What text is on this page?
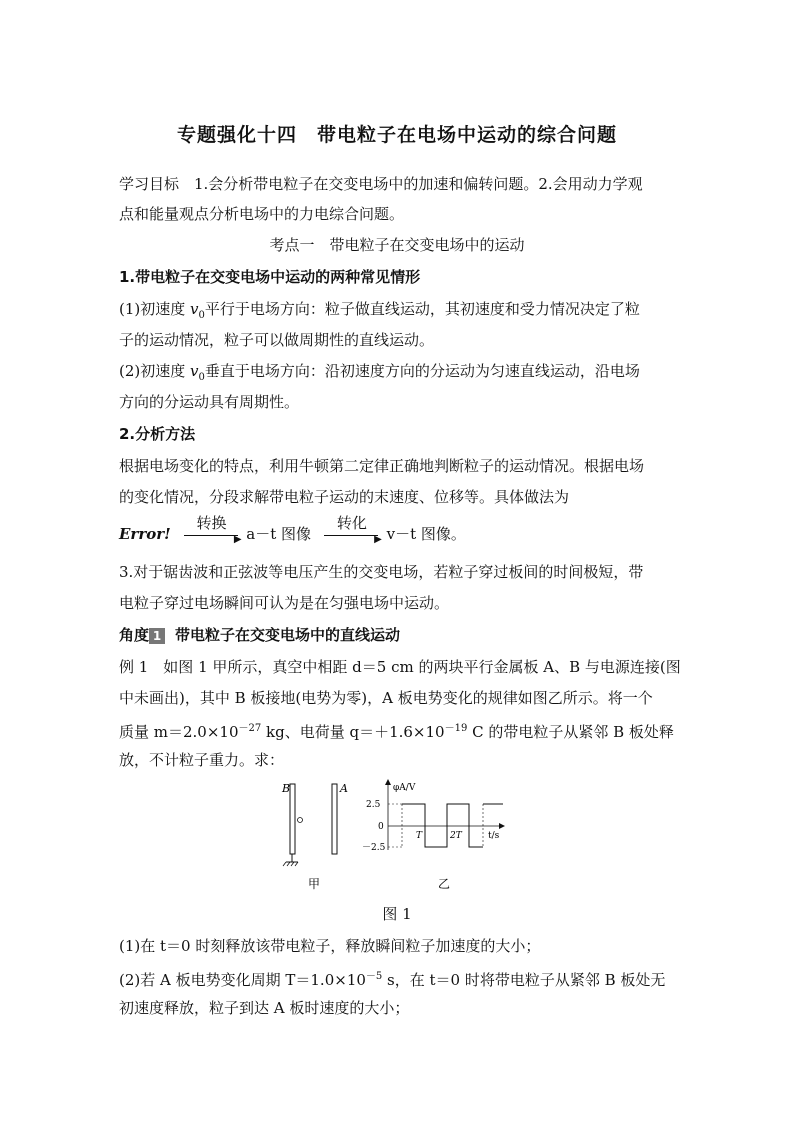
专题强化十四　带电粒子在电场中运动的综合问题
学习目标　1.会分析带电粒子在交变电场中的加速和偏转问题。2.会用动力学观
点和能量观点分析电场中的力电综合问题。
考点一　带电粒子在交变电场中的运动
1.带电粒子在交变电场中运动的两种常见情形
(1)初速度 $v_0$平行于电场方向：粒子做直线运动，其初速度和受力情况决定了粒
子的运动情况，粒子可以做周期性的直线运动。
(2)初速度 $v_0$垂直于电场方向：沿初速度方向的分运动为匀速直线运动，沿电场
方向的分运动具有周期性。
2.分析方法
根据电场变化的特点，利用牛顿第二定律正确地判断粒子的运动情况。根据电场
的变化情况，分段求解带电粒子运动的末速度、位移等。具体做法为
Error!
转换
▶ a－t 图像
转化
▶ v－t 图像。
3.对于锯齿波和正弦波等电压产生的交变电场，若粒子穿过板间的时间极短，带
电粒子穿过电场瞬间可认为是在匀强电场中运动。
角度 1 带电粒子在交变电场中的直线运动
例 1　如图 1 甲所示，真空中相距 d＝5 cm 的两块平行金属板 A、B 与电源连接(图
中未画出)，其中 B 板接地(电势为零)，A 板电势变化的规律如图乙所示。将一个
质量 $m=2.0\times 10^{-27}$ kg、电荷量 $q=+1.6\times 10^{-19}$ C 的带电粒子从紧邻 B 板处释
放，不计粒子重力。求：
B	A	φA/V
t/s
2.5
0
－2.5
T	2T
甲	乙
图 1
(1)在 t＝0 时刻释放该带电粒子，释放瞬间粒子加速度的大小；
(2)若 A 板电势变化周期 $T=1.0\times 10^{-5}$ s，在 t＝0 时将带电粒子从紧邻 B 板处无
初速度释放，粒子到达 A 板时速度的大小；
